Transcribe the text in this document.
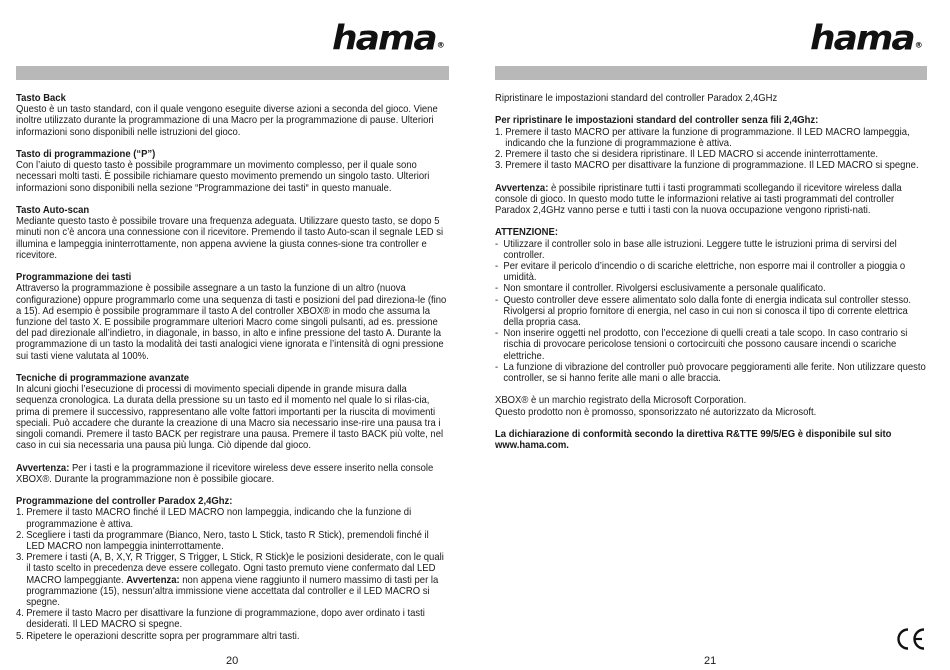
hama®
Tasto Back

Questo è un tasto standard, con il quale vengono eseguite diverse azioni a seconda del gioco. Viene inoltre utilizzato durante la programmazione di una Macro per la programmazione di pause. Ulteriori informazioni sono disponibili nelle istruzioni del gioco.

Tasto di programmazione (“P”)

Con l’aiuto di questo tasto è possibile programmare un movimento complesso, per il quale sono necessari molti tasti. È possibile richiamare questo movimento premendo un singolo tasto. Ulteriori informazioni sono disponibili nella sezione “Programmazione dei tasti“ in questo manuale.

Tasto Auto-scan

Mediante questo tasto è possibile trovare una frequenza adeguata. Utilizzare questo tasto, se dopo 5 minuti non c’è ancora una connessione con il ricevitore. Premendo il tasto Auto-scan il segnale LED si illumina e lampeggia ininterrottamente, non appena avviene la giusta connes-sione tra controller e ricevitore.

Programmazione dei tasti

Attraverso la programmazione è possibile assegnare a un tasto la funzione di un altro (nuova configurazione) oppure programmarlo come una sequenza di tasti e posizioni del pad direziona-le (fino a 15). Ad esempio è possibile programmare il tasto A del controller XBOX® in modo che assuma la funzione del tasto X. E possibile programmare ulteriori Macro come singoli pulsanti, ad es. pressione del pad direzionale all’indietro, in diagonale, in basso, in alto e infine pressione del tasto A. Durante la programmazione di un tasto la modalità dei tasti analogici viene ignorata e l’intensità di ogni pressione sui tasti viene valutata al 100%.

Tecniche di programmazione avanzate

In alcuni giochi l’esecuzione di processi di movimento speciali dipende in grande misura dalla sequenza cronologica. La durata della pressione su un tasto ed il momento nel quale lo si rilas-cia, prima di premere il successivo, rappresentano alle volte fattori importanti per la riuscita di movimenti speciali. Può accadere che durante la creazione di una Macro sia necessario inse-rire una pausa tra i singoli comandi. Premere il tasto BACK per registrare una pausa. Premere il tasto BACK più volte, nel caso in cui sia necessaria una pausa più lunga. Ciò dipende dal gioco.

Avvertenza: Per i tasti e la programmazione il ricevitore wireless deve essere inserito nella console XBOX®. Durante la programmazione non è possibile giocare.

Programmazione del controller Paradox 2,4Ghz:
1. Premere il tasto MACRO finché il LED MACRO non lampeggia, indicando che la funzione di programmazione è attiva.
2. Scegliere i tasti da programmare (Bianco, Nero, tasto L Stick, tasto R Stick), premendoli finché il LED MACRO non lampeggia ininterrottamente.
3. Premere i tasti (A, B, X,Y, R Trigger, S Trigger, L Stick, R Stick)e le posizioni desiderate, con le quali il tasto scelto in precedenza deve essere collegato. Ogni tasto premuto viene confermato dal LED MACRO lampeggiante. Avvertenza: non appena viene raggiunto il numero massimo di tasti per la programmazione (15), nessun’altra immissione viene accettata dal controller e il LED MACRO si spegne.
4. Premere il tasto Macro per disattivare la funzione di programmazione, dopo aver ordinato i tasti desiderati. Il LED MACRO si spegne.
5. Ripetere le operazioni descritte sopra per programmare altri tasti.
20
hama®

Ripristinare le impostazioni standard del controller Paradox 2,4GHz

Per ripristinare le impostazioni standard del controller senza fili 2,4Ghz:
1. Premere il tasto MACRO per attivare la funzione di programmazione. Il LED MACRO lampeggia, indicando che la funzione di programmazione è attiva.
2. Premere il tasto che si desidera ripristinare. Il LED MACRO si accende ininterrottamente.
3. Premere il tasto MACRO per disattivare la funzione di programmazione. Il LED MACRO si spegne.

Avvertenza: è possibile ripristinare tutti i tasti programmati scollegando il ricevitore wireless dalla console di gioco. In questo modo tutte le informazioni relative ai tasti programmati del controller Paradox 2,4GHz vanno perse e tutti i tasti con la nuova occupazione vengono ripristi-nati.

ATTENZIONE:
- Utilizzare il controller solo in base alle istruzioni. Leggere tutte le istruzioni prima di servirsi del controller.
- Per evitare il pericolo d’incendio o di scariche elettriche, non esporre mai il controller a pioggia o umidità.
- Non smontare il controller. Rivolgersi esclusivamente a personale qualificato.
- Questo controller deve essere alimentato solo dalla fonte di energia indicata sul controller stesso. Rivolgersi al proprio fornitore di energia, nel caso in cui non si conosca il tipo di corrente elettrica della propria casa.
- Non inserire oggetti nel prodotto, con l’eccezione di quelli creati a tale scopo. In caso contrario si rischia di provocare pericolose tensioni o cortocircuiti che possono causare incendi o scariche elettriche.
- La funzione di vibrazione del controller può provocare peggioramenti alle ferite. Non utilizzare questo controller, se si hanno ferite alle mani o alle braccia.

XBOX® è un marchio registrato della Microsoft Corporation.

Questo prodotto non è promosso, sponsorizzato né autorizzato da Microsoft.

La dichiarazione di conformità secondo la direttiva R&TTE 99/5/EG è disponibile sul sito

www.hama.com.

21
